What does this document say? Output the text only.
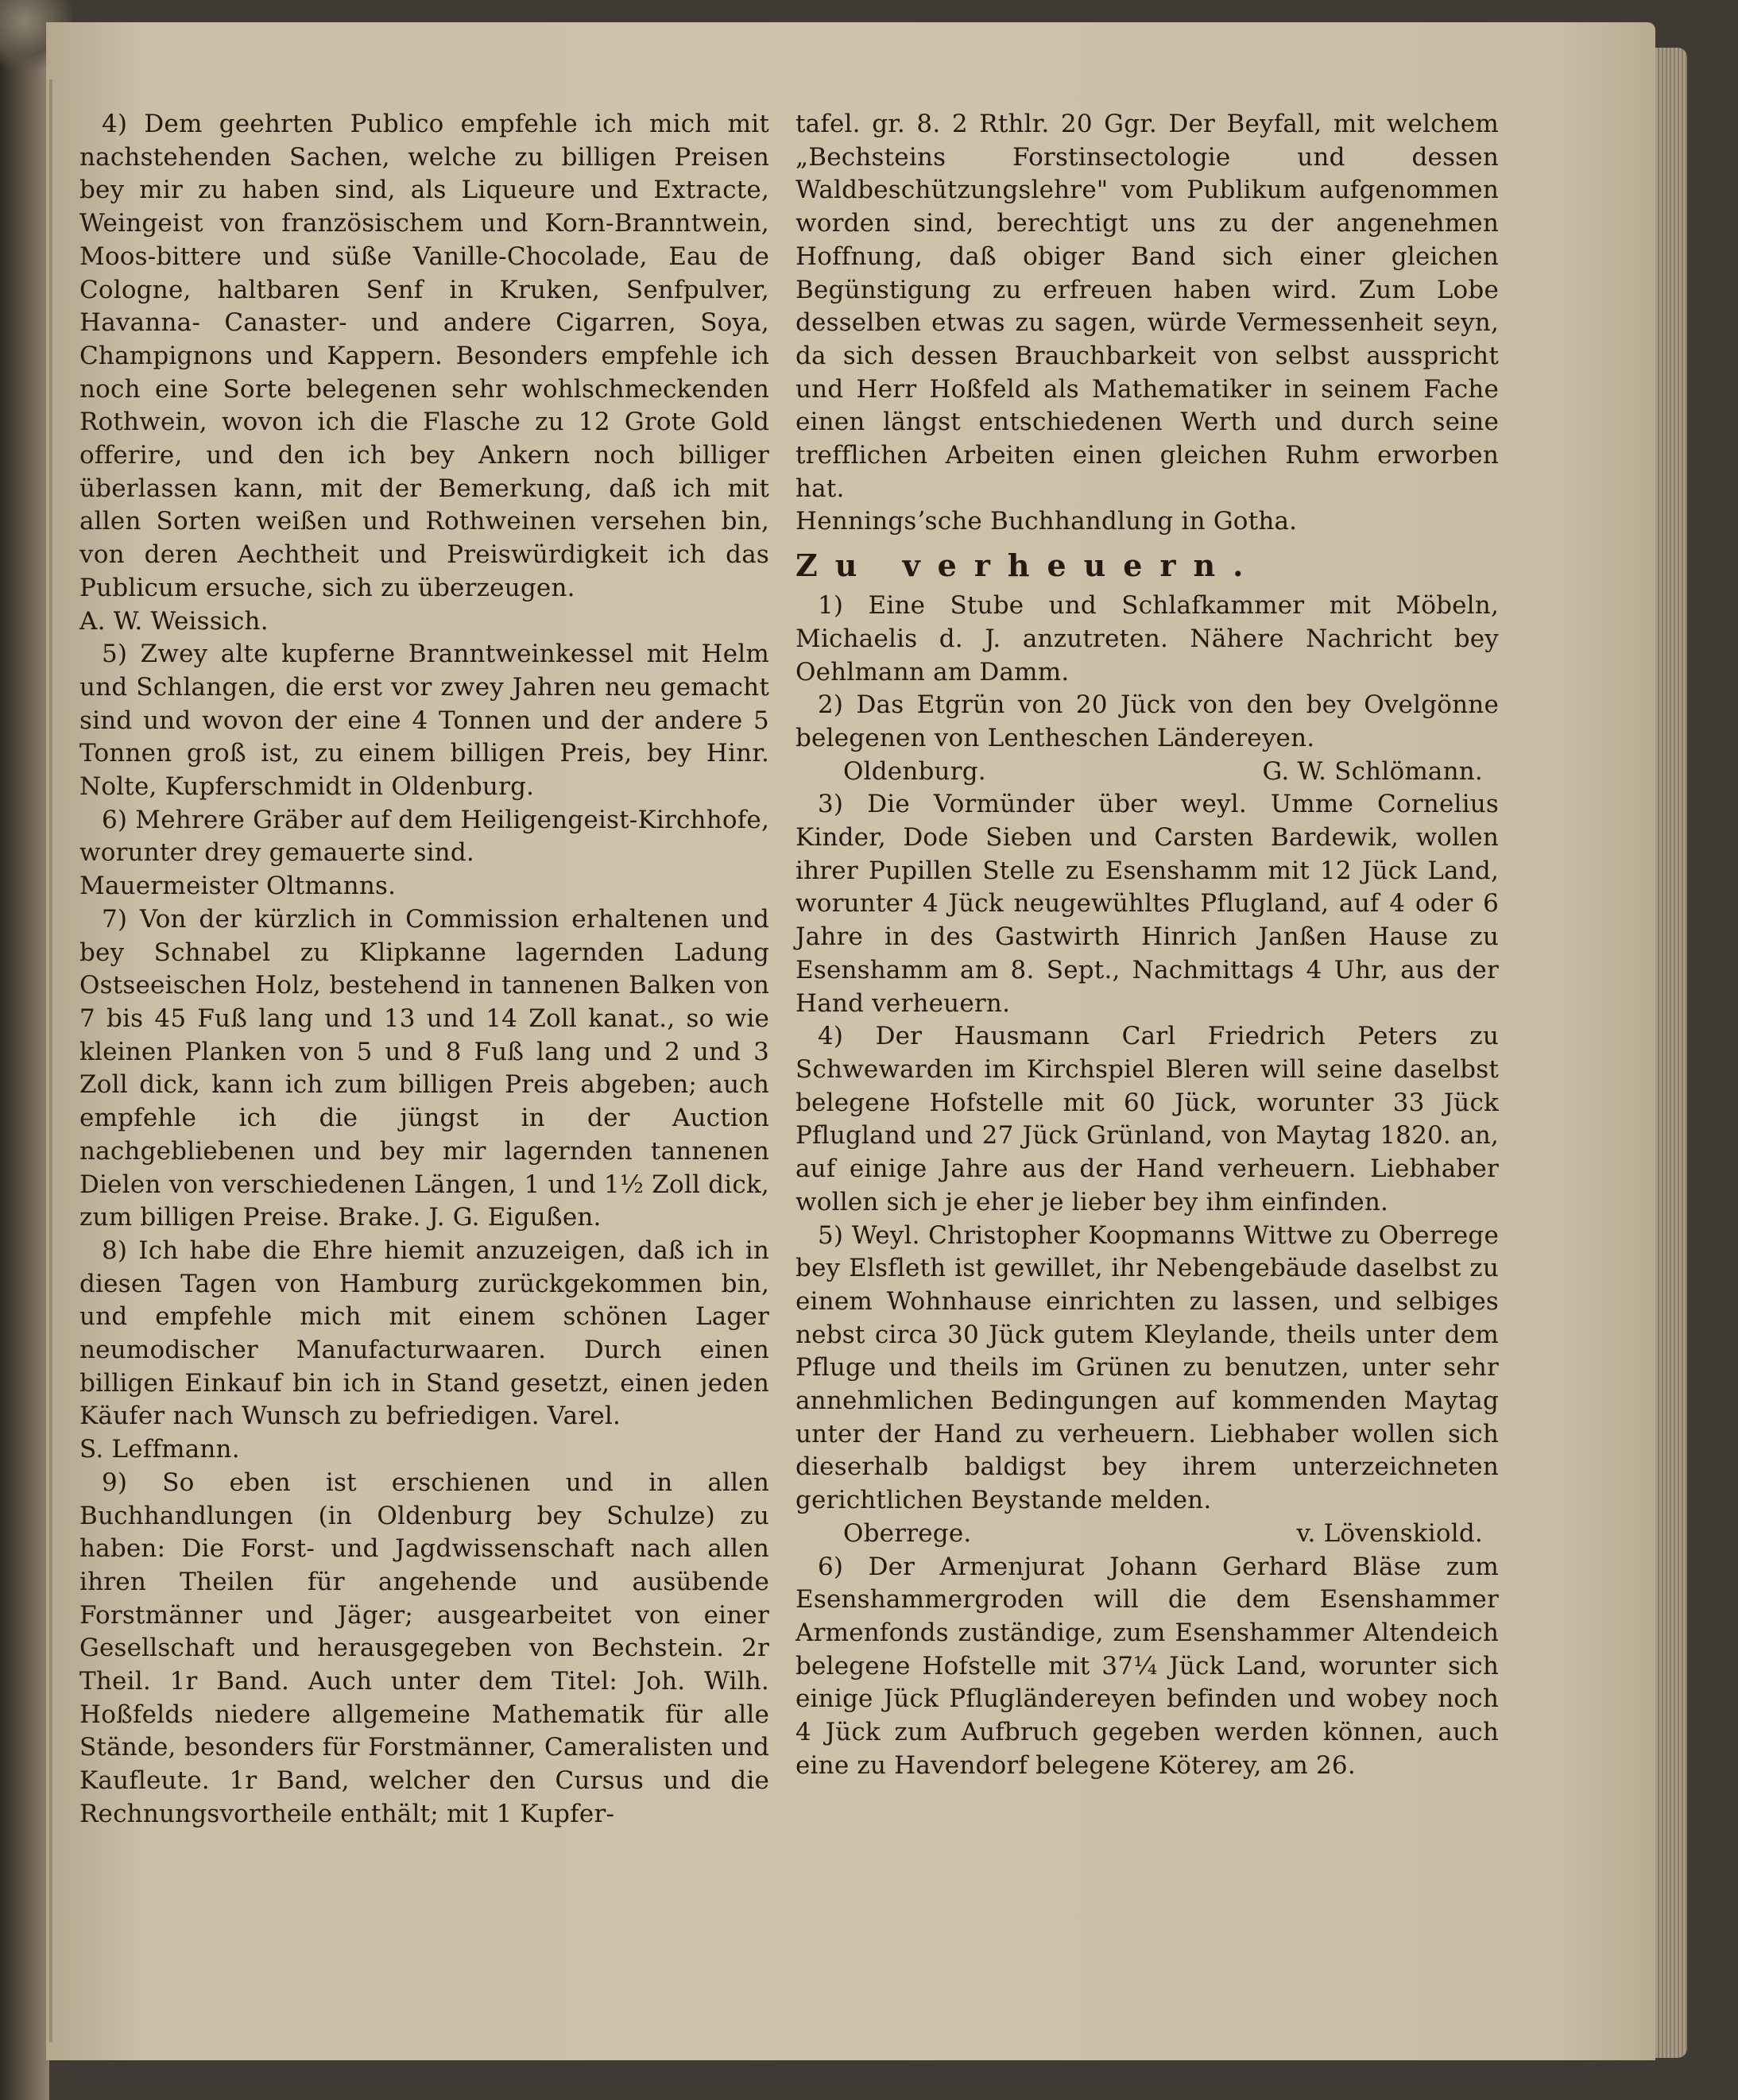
4) Dem geehrten Publico empfehle ich mich mit nachstehenden Sachen, welche zu billigen Preisen bey mir zu haben sind, als Liqueure und Extracte, Weingeist von französischem und Korn-Branntwein, Moos-bittere und süße Vanille-Chocolade, Eau de Cologne, haltbaren Senf in Kruken, Senfpulver, Havanna- Canaster- und andere Cigarren, Soya, Champignons und Kappern. Besonders empfehle ich noch eine Sorte belegenen sehr wohlschmeckenden Rothwein, wovon ich die Flasche zu 12 Grote Gold offerire, und den ich bey Ankern noch billiger überlassen kann, mit der Bemerkung, daß ich mit allen Sorten weißen und Rothweinen versehen bin, von deren Aechtheit und Preiswürdigkeit ich das Publicum ersuche, sich zu überzeugen.

A. W. Weissich.

5) Zwey alte kupferne Branntweinkessel mit Helm und Schlangen, die erst vor zwey Jahren neu gemacht sind und wovon der eine 4 Tonnen und der andere 5 Tonnen groß ist, zu einem billigen Preis, bey Hinr. Nolte, Kupferschmidt in Oldenburg.

6) Mehrere Gräber auf dem Heiligengeist-Kirchhofe, worunter drey gemauerte sind.

Mauermeister Oltmanns.

7) Von der kürzlich in Commission erhaltenen und bey Schnabel zu Klipkanne lagernden Ladung Ostseeischen Holz, bestehend in tannenen Balken von 7 bis 45 Fuß lang und 13 und 14 Zoll kanat., so wie kleinen Planken von 5 und 8 Fuß lang und 2 und 3 Zoll dick, kann ich zum billigen Preis abgeben; auch empfehle ich die jüngst in der Auction nachgebliebenen und bey mir lagernden tannenen Dielen von verschiedenen Längen, 1 und 1½ Zoll dick, zum billigen Preise. Brake. J. G. Eigußen.

8) Ich habe die Ehre hiemit anzuzeigen, daß ich in diesen Tagen von Hamburg zurückgekommen bin, und empfehle mich mit einem schönen Lager neumodischer Manufacturwaaren. Durch einen billigen Einkauf bin ich in Stand gesetzt, einen jeden Käufer nach Wunsch zu befriedigen. Varel.

S. Leffmann.

9) So eben ist erschienen und in allen Buchhandlungen (in Oldenburg bey Schulze) zu haben: Die Forst- und Jagdwissenschaft nach allen ihren Theilen für angehende und ausübende Forstmänner und Jäger; ausgearbeitet von einer Gesellschaft und herausgegeben von Bechstein. 2r Theil. 1r Band. Auch unter dem Titel: Joh. Wilh. Hoßfelds niedere allgemeine Mathematik für alle Stände, besonders für Forstmänner, Cameralisten und Kaufleute. 1r Band, welcher den Cursus und die Rechnungsvortheile enthält; mit 1 Kupfer-

tafel. gr. 8. 2 Rthlr. 20 Ggr. Der Beyfall, mit welchem „Bechsteins Forstinsectologie und dessen Waldbeschützungslehre" vom Publikum aufgenommen worden sind, berechtigt uns zu der angenehmen Hoffnung, daß obiger Band sich einer gleichen Begünstigung zu erfreuen haben wird. Zum Lobe desselben etwas zu sagen, würde Vermessenheit seyn, da sich dessen Brauchbarkeit von selbst ausspricht und Herr Hoßfeld als Mathematiker in seinem Fache einen längst entschiedenen Werth und durch seine trefflichen Arbeiten einen gleichen Ruhm erworben hat.

Henningsʼsche Buchhandlung in Gotha.

Zu verheuern.

1) Eine Stube und Schlafkammer mit Möbeln, Michaelis d. J. anzutreten. Nähere Nachricht bey Oehlmann am Damm.

2) Das Etgrün von 20 Jück von den bey Ovelgönne belegenen von Lentheschen Ländereyen.

Oldenburg.	G. W. Schlömann.

3) Die Vormünder über weyl. Umme Cornelius Kinder, Dode Sieben und Carsten Bardewik, wollen ihrer Pupillen Stelle zu Esenshamm mit 12 Jück Land, worunter 4 Jück neugewühltes Pflugland, auf 4 oder 6 Jahre in des Gastwirth Hinrich Janßen Hause zu Esenshamm am 8. Sept., Nachmittags 4 Uhr, aus der Hand verheuern.

4) Der Hausmann Carl Friedrich Peters zu Schwewarden im Kirchspiel Bleren will seine daselbst belegene Hofstelle mit 60 Jück, worunter 33 Jück Pflugland und 27 Jück Grünland, von Maytag 1820. an, auf einige Jahre aus der Hand verheuern. Liebhaber wollen sich je eher je lieber bey ihm einfinden.

5) Weyl. Christopher Koopmanns Wittwe zu Oberrege bey Elsfleth ist gewillet, ihr Nebengebäude daselbst zu einem Wohnhause einrichten zu lassen, und selbiges nebst circa 30 Jück gutem Kleylande, theils unter dem Pfluge und theils im Grünen zu benutzen, unter sehr annehmlichen Bedingungen auf kommenden Maytag unter der Hand zu verheuern. Liebhaber wollen sich dieserhalb baldigst bey ihrem unterzeichneten gerichtlichen Beystande melden.

Oberrege.	v. Lövenskiold.

6) Der Armenjurat Johann Gerhard Bläse zum Esenshammergroden will die dem Esenshammer Armenfonds zuständige, zum Esenshammer Altendeich belegene Hofstelle mit 37¼ Jück Land, worunter sich einige Jück Pflugländereyen befinden und wobey noch 4 Jück zum Aufbruch gegeben werden können, auch eine zu Havendorf belegene Köterey, am 26.
